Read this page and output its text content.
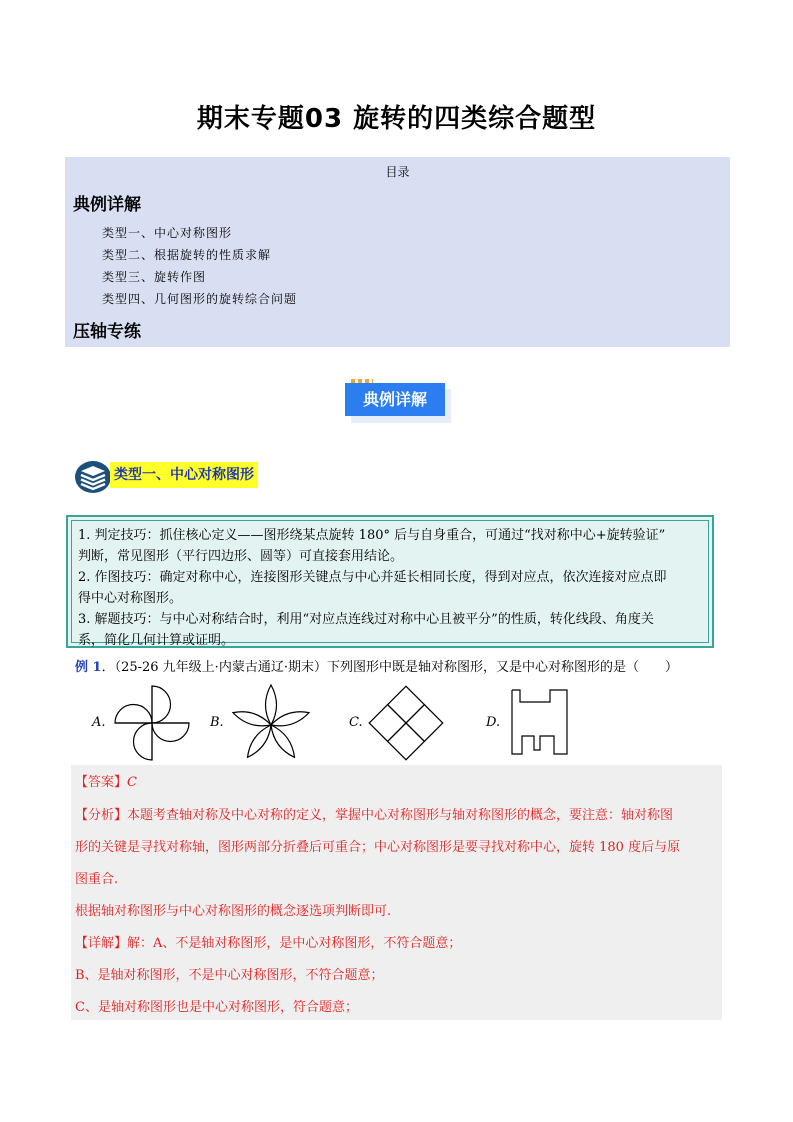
期末专题03 旋转的四类综合题型
目录
典例详解
类型一、中心对称图形
类型二、根据旋转的性质求解
类型三、旋转作图
类型四、几何图形的旋转综合问题
压轴专练
典例详解
类型一、中心对称图形
1. 判定技巧：抓住核心定义——图形绕某点旋转 180° 后与自身重合，可通过“找对称中心+旋转验证”
判断，常见图形（平行四边形、圆等）可直接套用结论。
2. 作图技巧：确定对称中心，连接图形关键点与中心并延长相同长度，得到对应点，依次连接对应点即
得中心对称图形。
3. 解题技巧：与中心对称结合时，利用“对应点连线过对称中心且被平分”的性质，转化线段、角度关
系，简化几何计算或证明。
例 1．（25-26 九年级上·内蒙古通辽·期末）下列图形中既是轴对称图形，又是中心对称图形的是（　　）
A.	B.	C.	D.
【答案】C
【分析】本题考查轴对称及中心对称的定义，掌握中心对称图形与轴对称图形的概念，要注意：轴对称图
形的关键是寻找对称轴，图形两部分折叠后可重合；中心对称图形是要寻找对称中心，旋转 180 度后与原
图重合.
根据轴对称图形与中心对称图形的概念逐选项判断即可.
【详解】解：A、不是轴对称图形，是中心对称图形，不符合题意；
B、是轴对称图形，不是中心对称图形，不符合题意；
C、是轴对称图形也是中心对称图形，符合题意；
